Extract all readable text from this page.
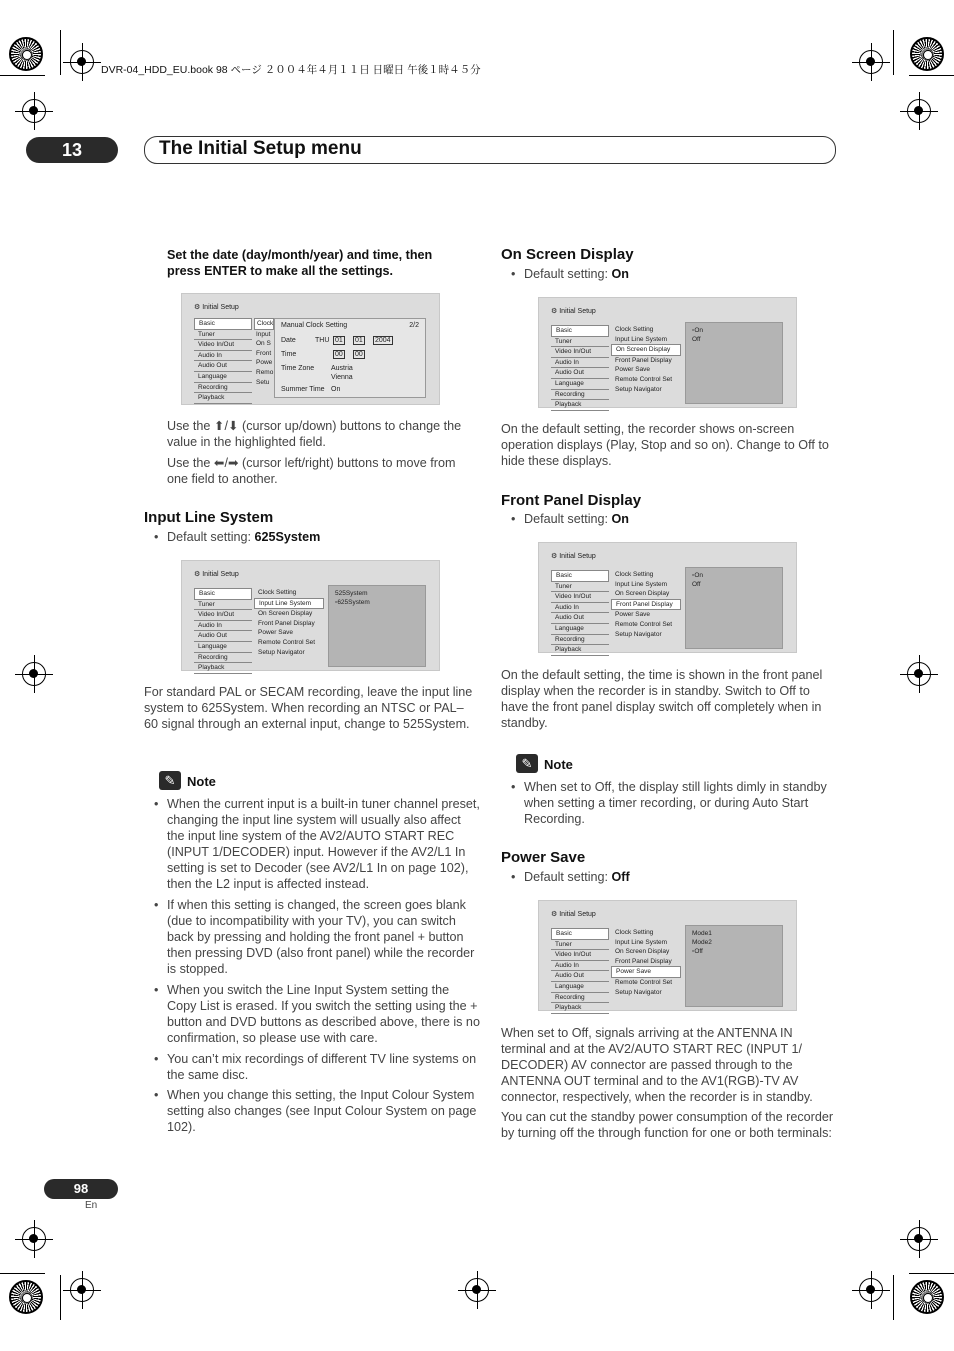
DVR-04_HDD_EU.book 98 ページ ２００４年４月１１日 日曜日 午後１時４５分
13	The Initial Setup menu
Set the date (day/month/year) and time, then press ENTER to make all the settings.
⚙ Initial Setup
Basic
Tuner
Video In/Out
Audio In
Audio Out
Language
Recording
Playback
Clock
Input
On S
Front
Powe
Remo
Setu
Manual Clock Setting	2/2
Date	THU 01 01 2004
Time	00 00
Time Zone Austria
Vienna
Summer Time On
Use the ⬆/⬇ (cursor up/down) buttons to change the value in the highlighted field.
Use the ⬅/➡ (cursor left/right) buttons to move from one field to another.
Input Line System
• Default setting: 625System
⚙ Initial Setup
Basic
Tuner
Video In/Out
Audio In
Audio Out
Language
Recording
Playback
Clock Setting
Input Line System
On Screen Display
Front Panel Display
Power Save
Remote Control Set
Setup Navigator
525System
▫625System
For standard PAL or SECAM recording, leave the input line system to 625System. When recording an NTSC or PAL–60 signal through an external input, change to 525System.
✎ Note
• When the current input is a built-in tuner channel preset, changing the input line system will usually also affect the input line system of the AV2/AUTO START REC (INPUT 1/DECODER) input. However if the AV2/L1 In setting is set to Decoder (see AV2/L1 In on page 102), then the L2 input is affected instead.
• If when this setting is changed, the screen goes blank (due to incompatibility with your TV), you can switch back by pressing and holding the front panel + button then pressing DVD (also front panel) while the recorder is stopped.
• When you switch the Line Input System setting the Copy List is erased. If you switch the setting using the + button and DVD buttons as described above, there is no confirmation, so please use with care.
• You can’t mix recordings of different TV line systems on the same disc.
• When you change this setting, the Input Colour System setting also changes (see Input Colour System on page 102).
On Screen Display
• Default setting: On
⚙ Initial Setup
Basic
Tuner
Video In/Out
Audio In
Audio Out
Language
Recording
Playback
Clock Setting
Input Line System
On Screen Display
Front Panel Display
Power Save
Remote Control Set
Setup Navigator
▫On
Off
On the default setting, the recorder shows on-screen operation displays (Play, Stop and so on). Change to Off to hide these displays.
Front Panel Display
• Default setting: On
⚙ Initial Setup
Basic
Tuner
Video In/Out
Audio In
Audio Out
Language
Recording
Playback
Clock Setting
Input Line System
On Screen Display
Front Panel Display
Power Save
Remote Control Set
Setup Navigator
▫On
Off
On the default setting, the time is shown in the front panel display when the recorder is in standby. Switch to Off to have the front panel display switch off completely when in standby.
✎ Note
• When set to Off, the display still lights dimly in standby when setting a timer recording, or during Auto Start Recording.
Power Save
• Default setting: Off
⚙ Initial Setup
Basic
Tuner
Video In/Out
Audio In
Audio Out
Language
Recording
Playback
Clock Setting
Input Line System
On Screen Display
Front Panel Display
Power Save
Remote Control Set
Setup Navigator
Mode1
Mode2
▫Off
When set to Off, signals arriving at the ANTENNA IN terminal and at the AV2/AUTO START REC (INPUT 1/ DECODER) AV connector are passed through to the ANTENNA OUT terminal and to the AV1(RGB)-TV AV connector, respectively, when the recorder is in standby.
You can cut the standby power consumption of the recorder by turning off the through function for one or both terminals:
98
En
